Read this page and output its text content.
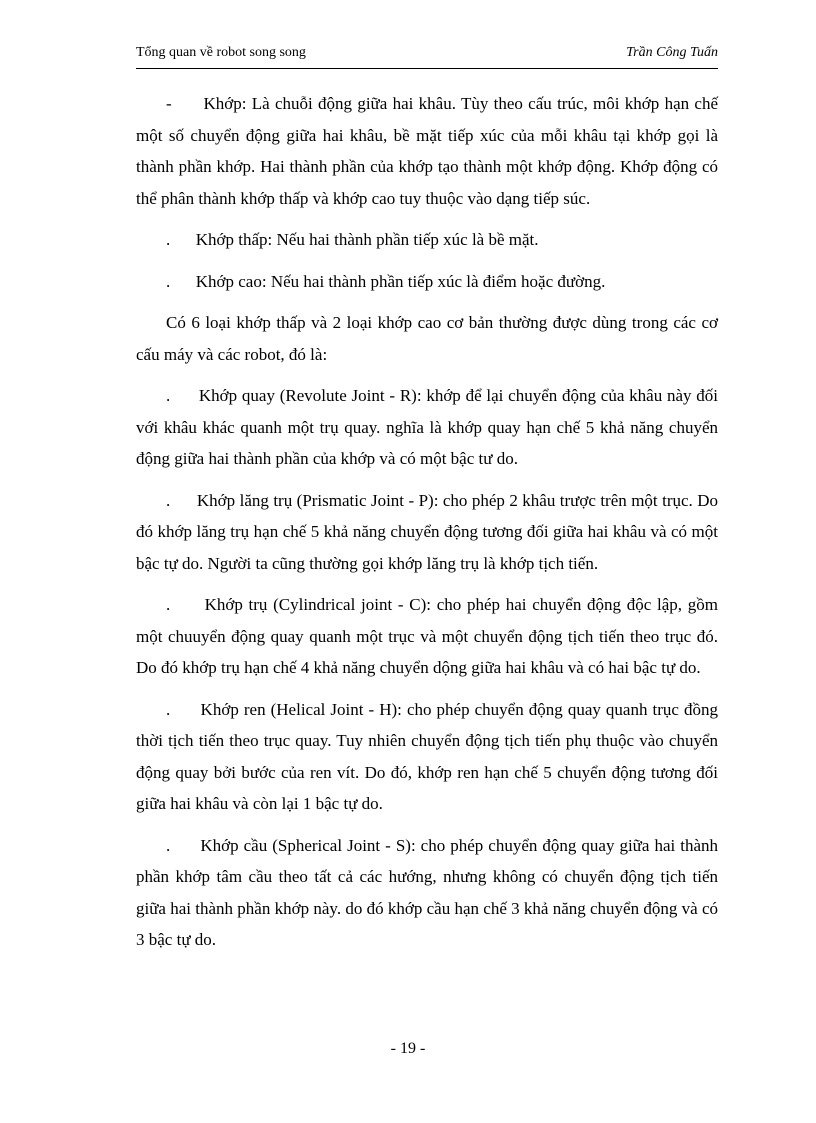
Tổng quan về robot song song	Trần Công Tuấn

- Khớp: Là chuỗi động giữa hai khâu. Tùy theo cấu trúc, môi khớp hạn chế một số chuyển động giữa hai khâu, bề mặt tiếp xúc của mỗi khâu tại khớp gọi là thành phần khớp. Hai thành phần của khớp tạo thành một khớp động. Khớp động có thể phân thành khớp thấp và khớp cao tuy thuộc vào dạng tiếp súc.

. Khớp thấp: Nếu hai thành phần tiếp xúc là bề mặt.

. Khớp cao: Nếu hai thành phần tiếp xúc là điểm hoặc đường.

Có 6 loại khớp thấp và 2 loại khớp cao cơ bản thường được dùng trong các cơ cấu máy và các robot, đó là:

. Khớp quay (Revolute Joint - R): khớp để lại chuyển động của khâu này đối với khâu khác quanh một trụ quay. nghĩa là khớp quay hạn chế 5 khả năng chuyển động giữa hai thành phần của khớp và có một bậc tư do.

. Khớp lăng trụ (Prismatic Joint - P): cho phép 2 khâu trược trên một trục. Do đó khớp lăng trụ hạn chế 5 khả năng chuyển động tương đối giữa hai khâu và có một bậc tự do. Người ta cũng thường gọi khớp lăng trụ là khớp tịch tiến.

. Khớp trụ (Cylindrical joint - C): cho phép hai chuyển động độc lập, gồm một chuuyển động quay quanh một trục và một chuyển động tịch tiến theo trục đó. Do đó khớp trụ hạn chế 4 khả năng chuyển dộng giữa hai khâu và có hai bậc tự do.

. Khớp ren (Helical Joint - H): cho phép chuyển động quay quanh trục đồng thời tịch tiến theo trục quay. Tuy nhiên chuyển động tịch tiến phụ thuộc vào chuyển động quay bởi bước của ren vít. Do đó, khớp ren hạn chế 5 chuyển động tương đối giữa hai khâu và còn lại 1 bậc tự do.

. Khớp cầu (Spherical Joint - S): cho phép chuyển động quay giữa hai thành phần khớp tâm cầu theo tất cả các hướng, nhưng không có chuyển động tịch tiến giữa hai thành phần khớp này. do đó khớp cầu hạn chế 3 khả năng chuyển động và có 3 bậc tự do.

- 19 -
